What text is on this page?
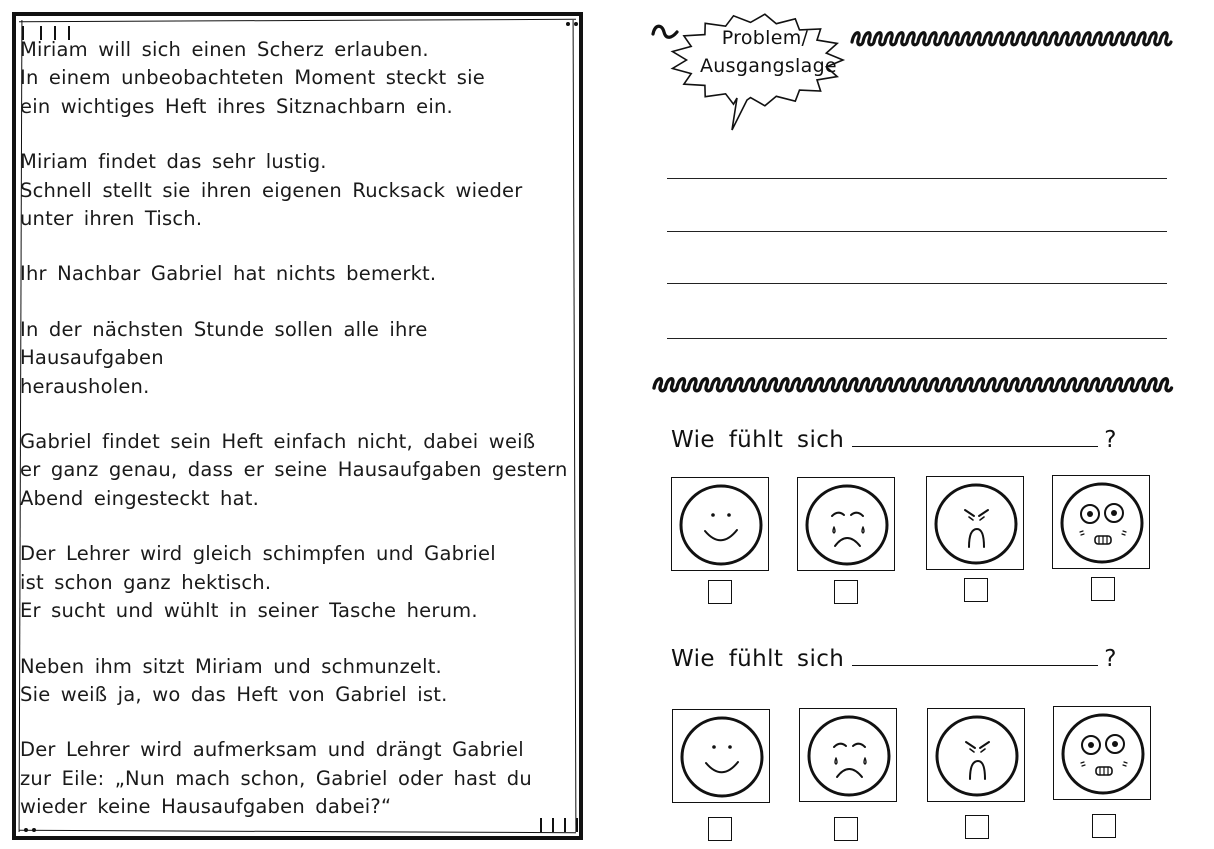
Miriam will sich einen Scherz erlauben.
In einem unbeobachteten Moment steckt sie
ein wichtiges Heft ihres Sitznachbarn ein.

Miriam findet das sehr lustig.
Schnell stellt sie ihren eigenen Rucksack wieder
unter ihren Tisch.

Ihr Nachbar Gabriel hat nichts bemerkt.

In der nächsten Stunde sollen alle ihre Hausaufgaben
herausholen.

Gabriel findet sein Heft einfach nicht, dabei weiß
er ganz genau, dass er seine Hausaufgaben gestern
Abend eingesteckt hat.

Der Lehrer wird gleich schimpfen und Gabriel
ist schon ganz hektisch.
Er sucht und wühlt in seiner Tasche herum.

Neben ihm sitzt Miriam und schmunzelt.
Sie weiß ja, wo das Heft von Gabriel ist.

Der Lehrer wird aufmerksam und drängt Gabriel
zur Eile: „Nun mach schon, Gabriel oder hast du
wieder keine Hausaufgaben dabei?“

Problem/
Ausgangslage
Wie fühlt sich	?
Wie fühlt sich	?
